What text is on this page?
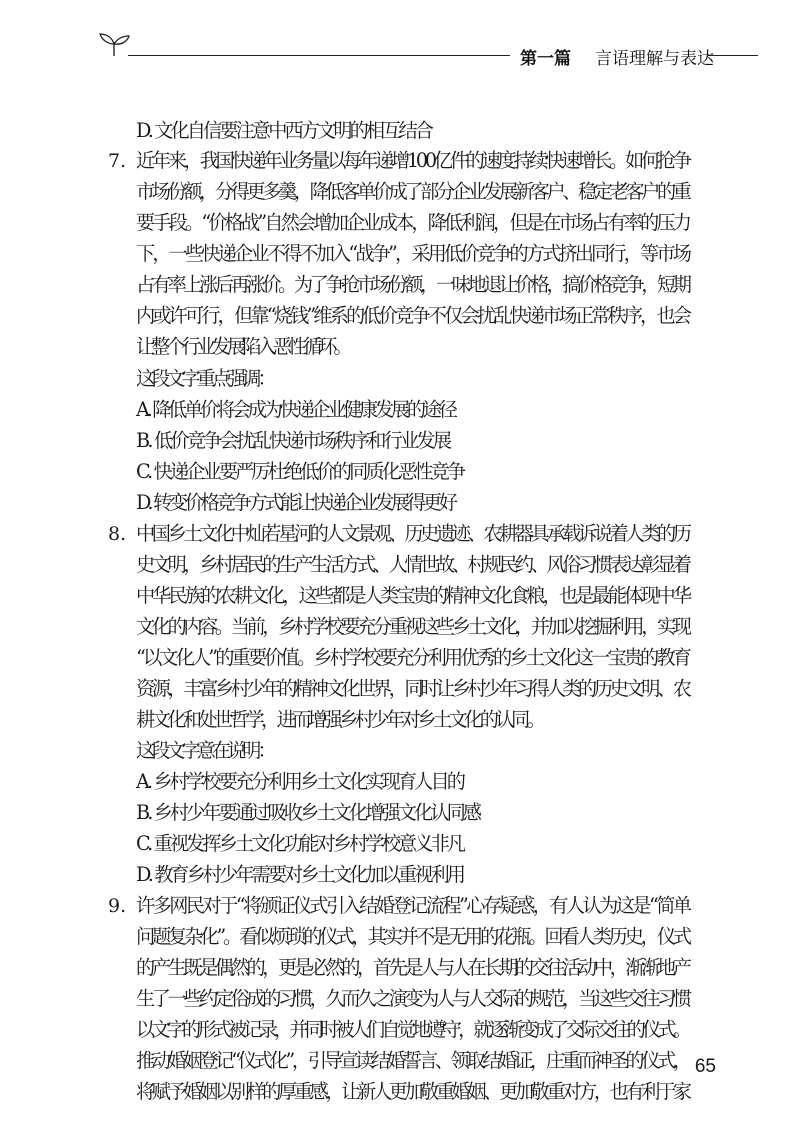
第一篇 言语理解与表达
D. 文化自信要注意中西方文明的相互结合
近年来，我国快递年业务量以每年递增100亿件的速度持续快速增长。如何抢争
市场份额，分得更多羹，降低客单价成了部分企业发展新客户、稳定老客户的重
要手段。“价格战”自然会增加企业成本，降低利润，但是在市场占有率的压力
下，一些快递企业不得不加入“战争”，采用低价竞争的方式挤出同行，等市场
占有率上涨后再涨价。为了争抢市场份额，一味地退让价格，搞价格竞争，短期
内或许可行，但靠“烧钱”维系的低价竞争不仅会扰乱快递市场正常秩序，也会
让整个行业发展陷入恶性循环。
这段文字重点强调：
A. 降低单价将会成为快递企业健康发展的途径
B. 低价竞争会扰乱快递市场秩序和行业发展
C. 快递企业要严厉杜绝低价的同质化恶性竞争
D. 转变价格竞争方式能让快递企业发展得更好
中国乡土文化中灿若星河的人文景观、历史遗迹、农耕器具承载诉说着人类的历
史文明，乡村居民的生产生活方式、人情世故、村规民约、风俗习惯表达彰显着
中华民族的农耕文化，这些都是人类宝贵的精神文化食粮，也是最能体现中华
文化的内容。当前，乡村学校要充分重视这些乡土文化，并加以挖掘利用，实现
“以文化人”的重要价值。乡村学校要充分利用优秀的乡土文化这一宝贵的教育
资源，丰富乡村少年的精神文化世界，同时让乡村少年习得人类的历史文明、农
耕文化和处世哲学，进而增强乡村少年对乡土文化的认同。
这段文字意在说明：
A. 乡村学校要充分利用乡土文化实现育人目的
B. 乡村少年要通过吸收乡土文化增强文化认同感
C. 重视发挥乡土文化功能对乡村学校意义非凡
D. 教育乡村少年需要对乡土文化加以重视利用
许多网民对于“将颁证仪式引入结婚登记流程”心存疑惑，有人认为这是“简单
问题复杂化”。看似烦琐的仪式，其实并不是无用的花瓶。回看人类历史，仪式
的产生既是偶然的，更是必然的，首先是人与人在长期的交往活动中，渐渐地产
生了一些约定俗成的习惯，久而久之演变为人与人交际的规范，当这些交往习惯
以文字的形式被记录，并同时被人们自觉地遵守，就逐渐变成了交际交往的仪式。
推动婚姻登记“仪式化”，引导宣读结婚誓言、领取结婚证，庄重而神圣的仪式，
将赋予婚姻以别样的厚重感，让新人更加敬重婚姻、更加敬重对方，也有利于家
7.
8.
9.
65
